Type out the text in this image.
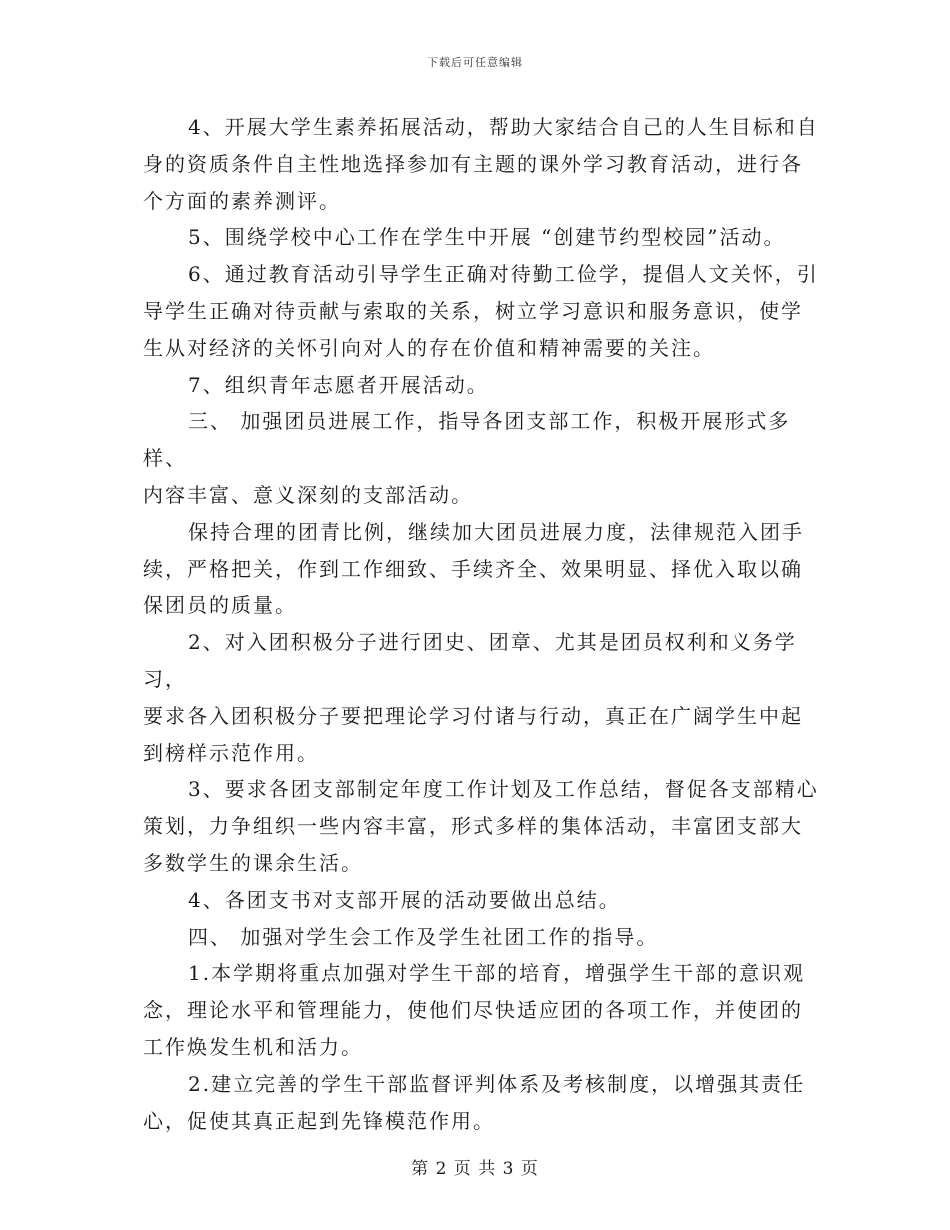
下载后可任意编辑

4、开展大学生素养拓展活动，帮助大家结合自己的人生目标和自
身的资质条件自主性地选择参加有主题的课外学习教育活动，进行各
个方面的素养测评。

5、围绕学校中心工作在学生中开展 “创建节约型校园”活动。

6、通过教育活动引导学生正确对待勤工俭学，提倡人文关怀，引
导学生正确对待贡献与索取的关系，树立学习意识和服务意识，使学
生从对经济的关怀引向对人的存在价值和精神需要的关注。

7、组织青年志愿者开展活动。

三、 加强团员进展工作，指导各团支部工作，积极开展形式多样、
内容丰富、意义深刻的支部活动。

保持合理的团青比例，继续加大团员进展力度，法律规范入团手
续，严格把关，作到工作细致、手续齐全、效果明显、择优入取以确
保团员的质量。

2、对入团积极分子进行团史、团章、尤其是团员权利和义务学习，
要求各入团积极分子要把理论学习付诸与行动，真正在广阔学生中起
到榜样示范作用。

3、要求各团支部制定年度工作计划及工作总结，督促各支部精心
策划，力争组织一些内容丰富，形式多样的集体活动，丰富团支部大
多数学生的课余生活。

4、各团支书对支部开展的活动要做出总结。

四、 加强对学生会工作及学生社团工作的指导。

1.本学期将重点加强对学生干部的培育，增强学生干部的意识观
念，理论水平和管理能力，使他们尽快适应团的各项工作，并使团的
工作焕发生机和活力。

2.建立完善的学生干部监督评判体系及考核制度，以增强其责任
心，促使其真正起到先锋模范作用。

第 2 页 共 3 页
